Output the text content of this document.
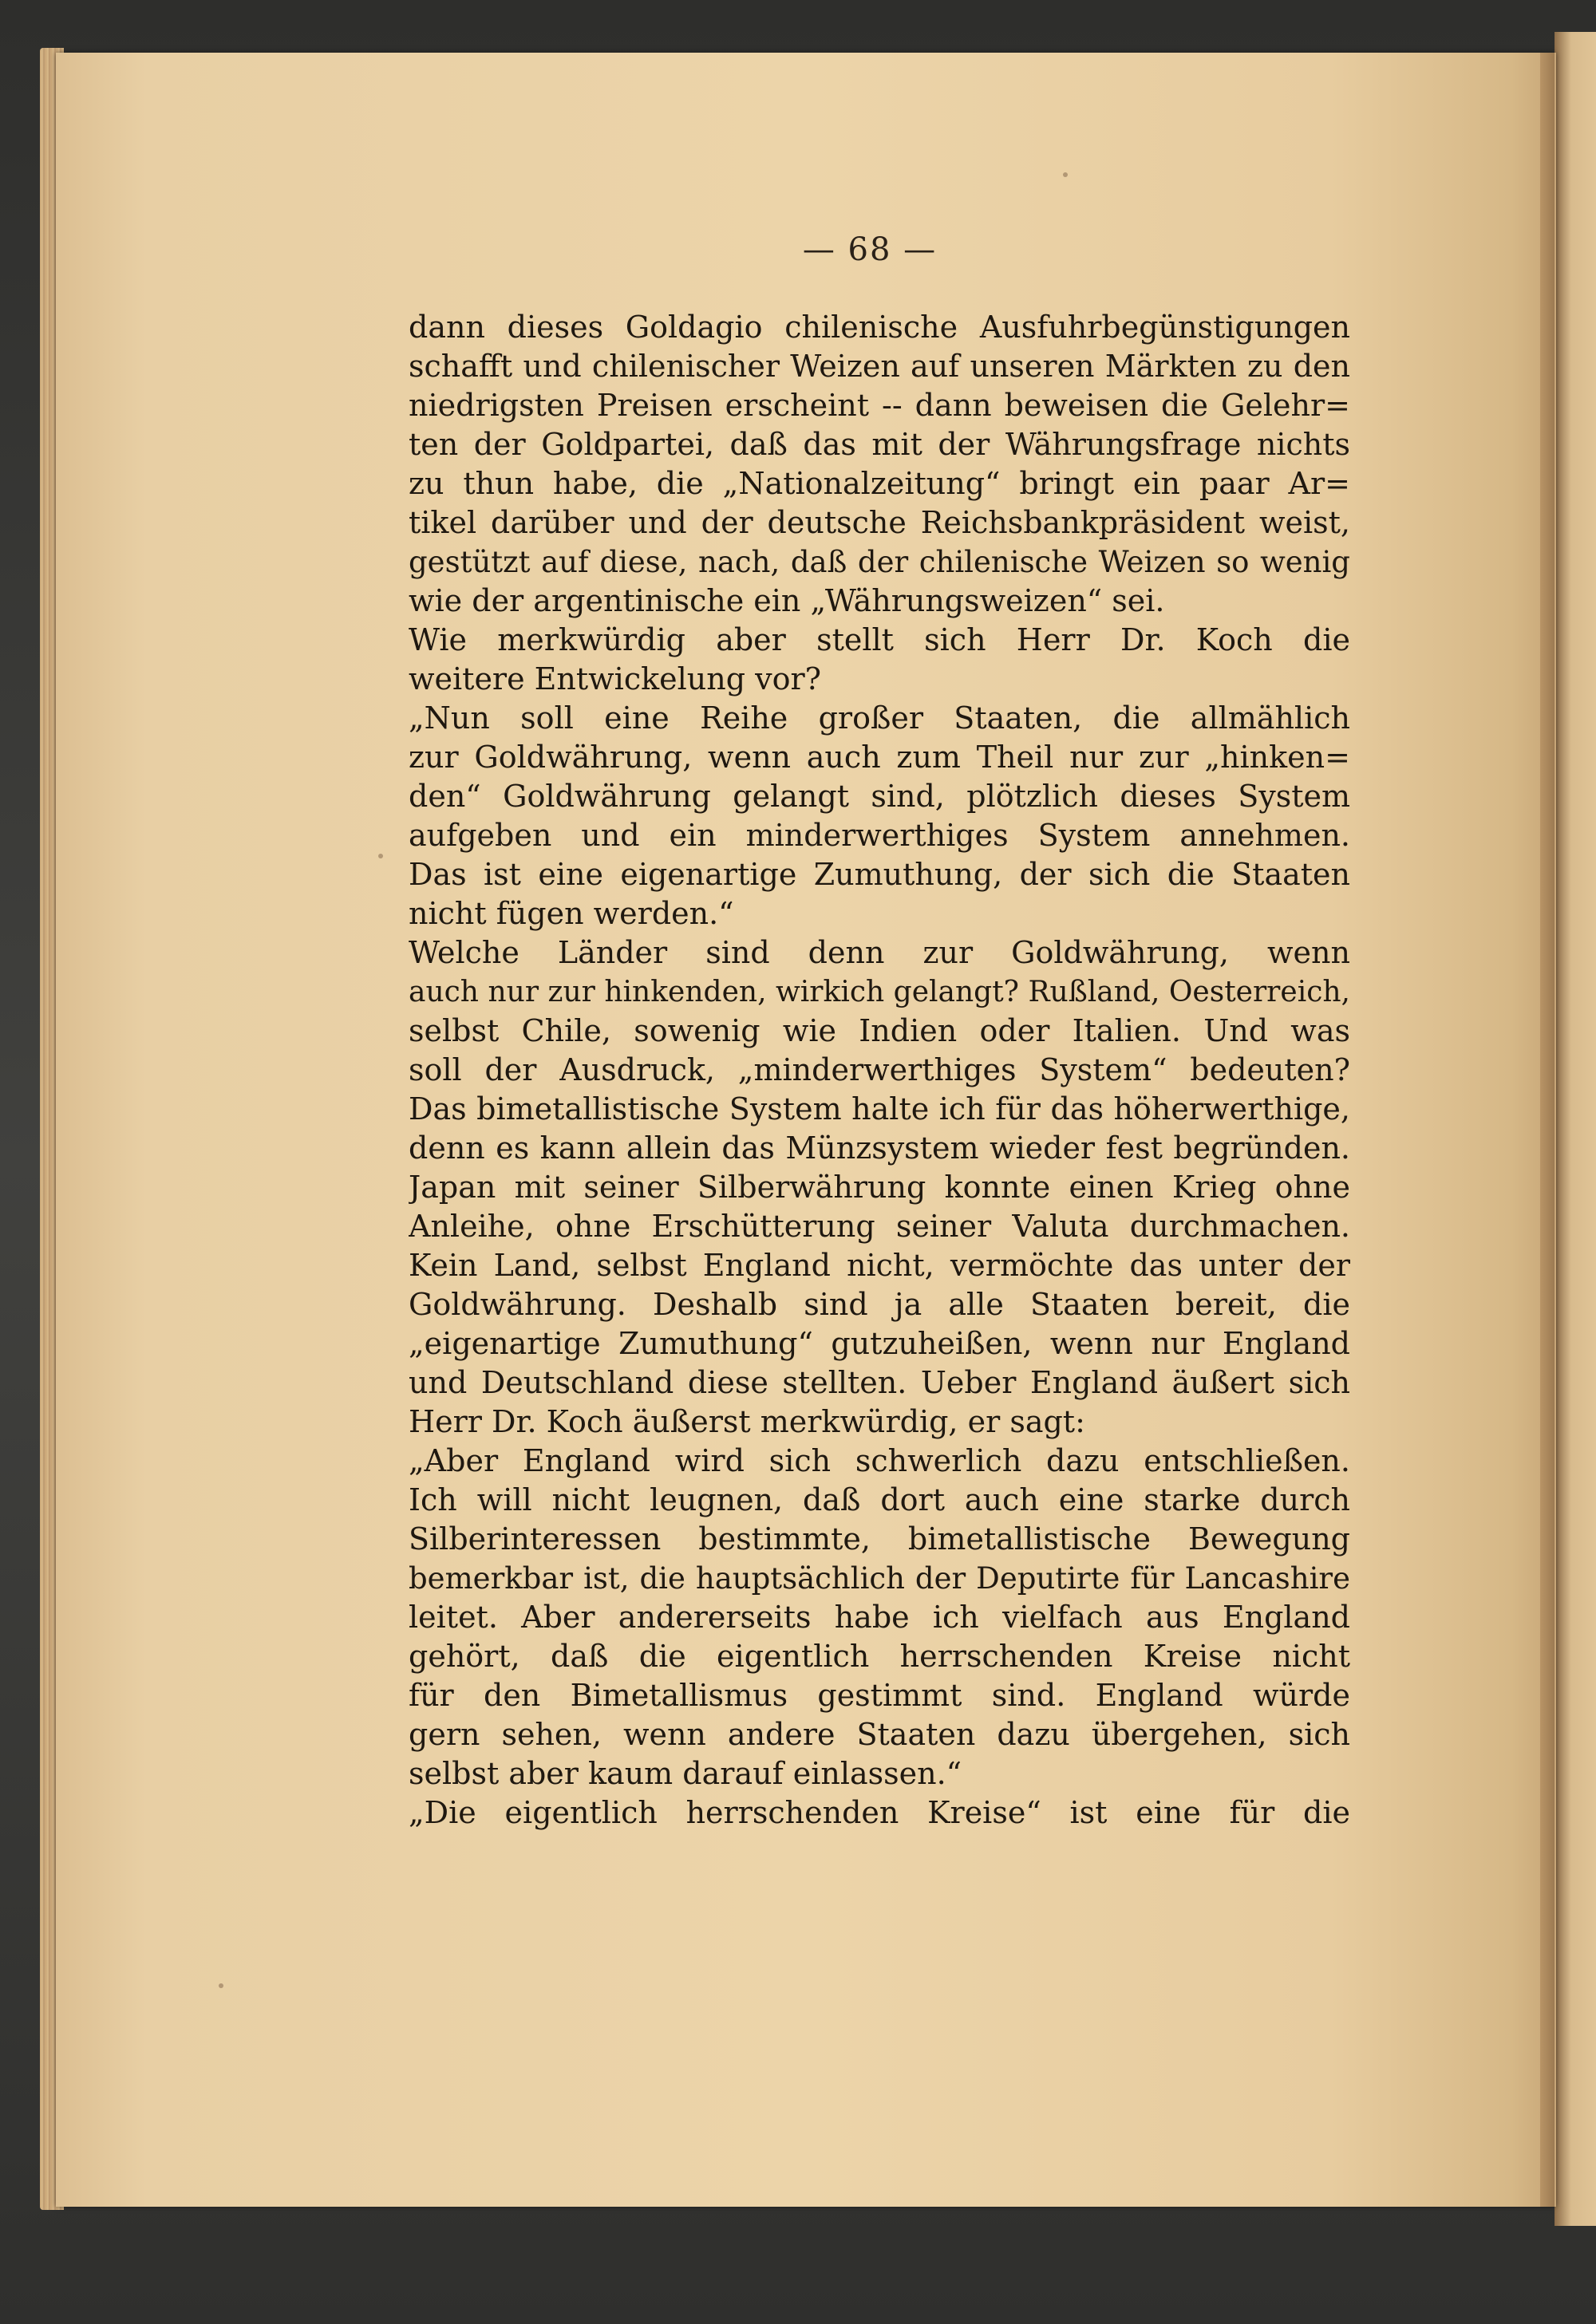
— 68 —
dann dieses Goldagio chilenische Ausfuhrbegünstigungen
schafft und chilenischer Weizen auf unseren Märkten zu den
niedrigsten Preisen erscheint -- dann beweisen die Gelehr=
ten der Goldpartei, daß das mit der Währungsfrage nichts
zu thun habe, die „Nationalzeitung“ bringt ein paar Ar=
tikel darüber und der deutsche Reichsbankpräsident weist,
gestützt auf diese, nach, daß der chilenische Weizen so wenig
wie der argentinische ein „Währungsweizen“ sei.
Wie merkwürdig aber stellt sich Herr Dr. Koch die
weitere Entwickelung vor?
„Nun soll eine Reihe großer Staaten, die allmählich
zur Goldwährung, wenn auch zum Theil nur zur „hinken=
den“ Goldwährung gelangt sind, plötzlich dieses System
aufgeben und ein minderwerthiges System annehmen.
Das ist eine eigenartige Zumuthung, der sich die Staaten
nicht fügen werden.“
Welche Länder sind denn zur Goldwährung, wenn
auch nur zur hinkenden, wirkich gelangt? Rußland, Oesterreich,
selbst Chile, sowenig wie Indien oder Italien. Und was
soll der Ausdruck, „minderwerthiges System“ bedeuten?
Das bimetallistische System halte ich für das höherwerthige,
denn es kann allein das Münzsystem wieder fest begründen.
Japan mit seiner Silberwährung konnte einen Krieg ohne
Anleihe, ohne Erschütterung seiner Valuta durchmachen.
Kein Land, selbst England nicht, vermöchte das unter der
Goldwährung. Deshalb sind ja alle Staaten bereit, die
„eigenartige Zumuthung“ gutzuheißen, wenn nur England
und Deutschland diese stellten. Ueber England äußert sich
Herr Dr. Koch äußerst merkwürdig, er sagt:
„Aber England wird sich schwerlich dazu entschließen.
Ich will nicht leugnen, daß dort auch eine starke durch
Silberinteressen bestimmte, bimetallistische Bewegung
bemerkbar ist, die hauptsächlich der Deputirte für Lancashire
leitet. Aber andererseits habe ich vielfach aus England
gehört, daß die eigentlich herrschenden Kreise nicht
für den Bimetallismus gestimmt sind. England würde
gern sehen, wenn andere Staaten dazu übergehen, sich
selbst aber kaum darauf einlassen.“
„Die eigentlich herrschenden Kreise“ ist eine für die
